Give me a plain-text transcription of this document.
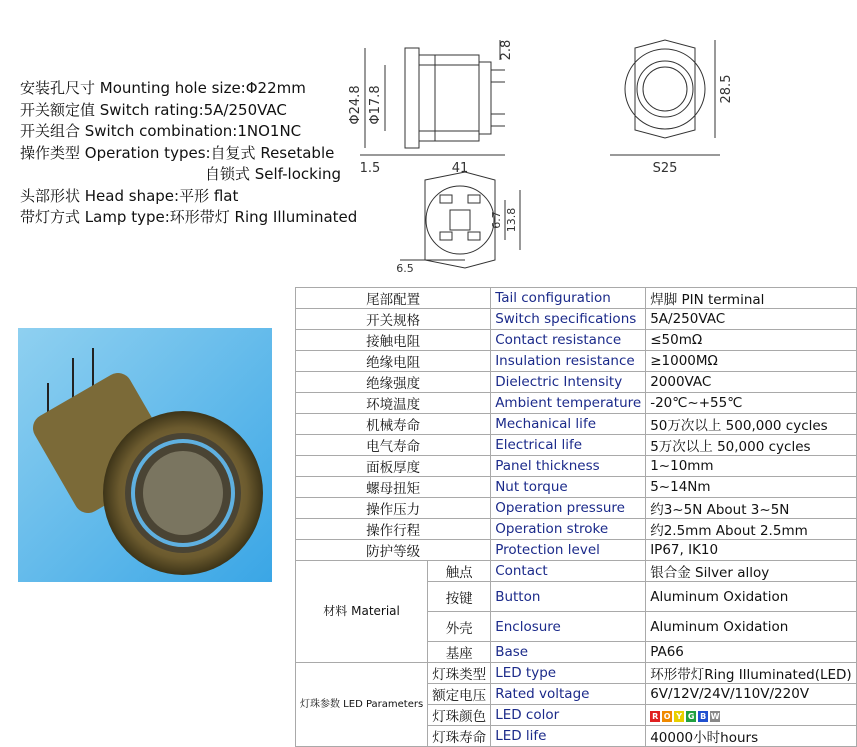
安装孔尺寸 Mounting hole size:Φ22mm
开关额定值 Switch rating:5A/250VAC
开关组合 Switch combination:1NO1NC
操作类型 Operation types:自复式 Resetable
自锁式 Self-locking
头部形状 Head shape:平形 flat
带灯方式 Lamp type:环形带灯 Ring Illuminated
Φ24.8 Φ17.8
2.8
1.5	41
28.5
S25
6.7 13.8
6.5
尾部配置		Tail configuration	焊脚 PIN terminal
开关规格		Switch specifications	5A/250VAC
接触电阻		Contact resistance	≤50mΩ
绝缘电阻		Insulation resistance	≥1000MΩ
绝缘强度		Dielectric Intensity	2000VAC
环境温度		Ambient temperature	-20℃~+55℃
机械寿命		Mechanical life	50万次以上 500,000 cycles
电气寿命		Electrical life	5万次以上 50,000 cycles
面板厚度		Panel thickness	1~10mm
螺母扭矩		Nut torque	5~14Nm
操作压力		Operation pressure	约3~5N About 3~5N
操作行程		Operation stroke	约2.5mm About 2.5mm
防护等级		Protection level	IP67, IK10
材料 Material	触点	Contact	银合金 Silver alloy
	按键	Button	Aluminum Oxidation
	外壳	Enclosure	Aluminum Oxidation
	基座	Base	PA66
灯珠参数 LED Parameters	灯珠类型	LED type	环形带灯Ring Illuminated(LED)
	额定电压	Rated voltage	6V/12V/24V/110V/220V
	灯珠颜色	LED color	R O Y G B W
	灯珠寿命	LED life	40000小时hours
